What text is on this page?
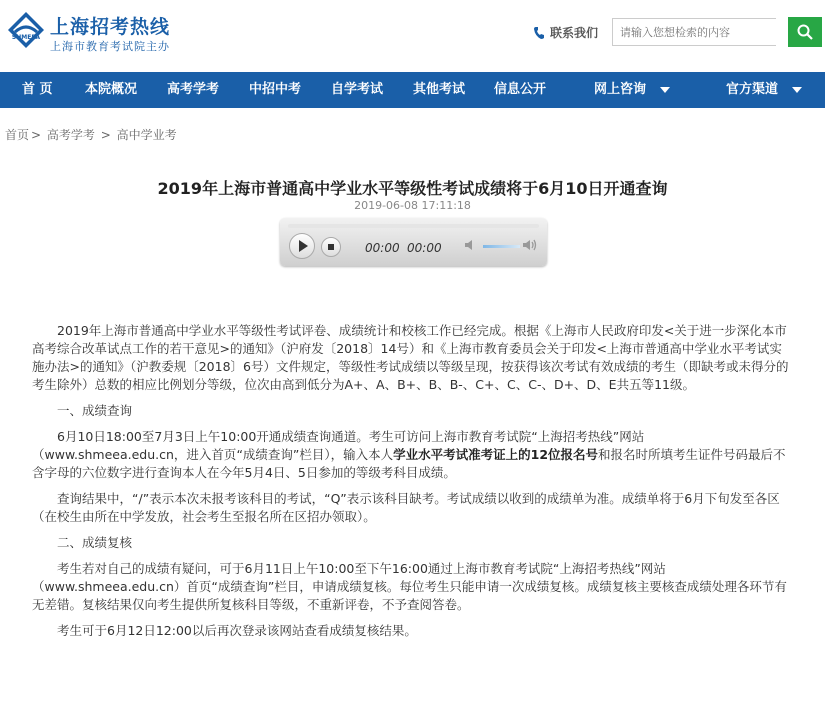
SHMEEA 上海招考热线
上海市教育考试院主办
联系我们
请输入您想检索的内容
首 页 本院概况 高考学考 中招中考 自学考试 其他考试 信息公开	网上咨询	官方渠道
首页 > 高考学考 > 高中学业考
2019年上海市普通高中学业水平等级性考试成绩将于6月10日开通查询
2019-06-08 17:11:18
00:00 00:00

2019年上海市普通高中学业水平等级性考试评卷、成绩统计和校核工作已经完成。根据《上海市人民政府印发<关于进一步深化本市高考综合改革试点工作的若干意见>的通知》（沪府发〔2018〕14号）和《上海市教育委员会关于印发<上海市普通高中学业水平考试实施办法>的通知》（沪教委规〔2018〕6号）文件规定，等级性考试成绩以等级呈现，按获得该次考试有效成绩的考生（即缺考或未得分的考生除外）总数的相应比例划分等级，位次由高到低分为A+、A、B+、B、B-、C+、C、C-、D+、D、E共五等11级。

一、成绩查询

6月10日18:00至7月3日上午10:00开通成绩查询通道。考生可访问上海市教育考试院“上海招考热线”网站（www.shmeea.edu.cn，进入首页“成绩查询”栏目），输入本人学业水平考试准考证上的12位报名号和报名时所填考生证件号码最后不含字母的六位数字进行查询本人在今年5月4日、5日参加的等级考科目成绩。

查询结果中，“/”表示本次未报考该科目的考试，“Q”表示该科目缺考。考试成绩以收到的成绩单为准。成绩单将于6月下旬发至各区（在校生由所在中学发放，社会考生至报名所在区招办领取）。

二、成绩复核

考生若对自己的成绩有疑问，可于6月11日上午10:00至下午16:00通过上海市教育考试院“上海招考热线”网站（www.shmeea.edu.cn）首页“成绩查询”栏目，申请成绩复核。每位考生只能申请一次成绩复核。成绩复核主要核查成绩处理各环节有无差错。复核结果仅向考生提供所复核科目等级，不重新评卷，不予查阅答卷。

考生可于6月12日12:00以后再次登录该网站查看成绩复核结果。
